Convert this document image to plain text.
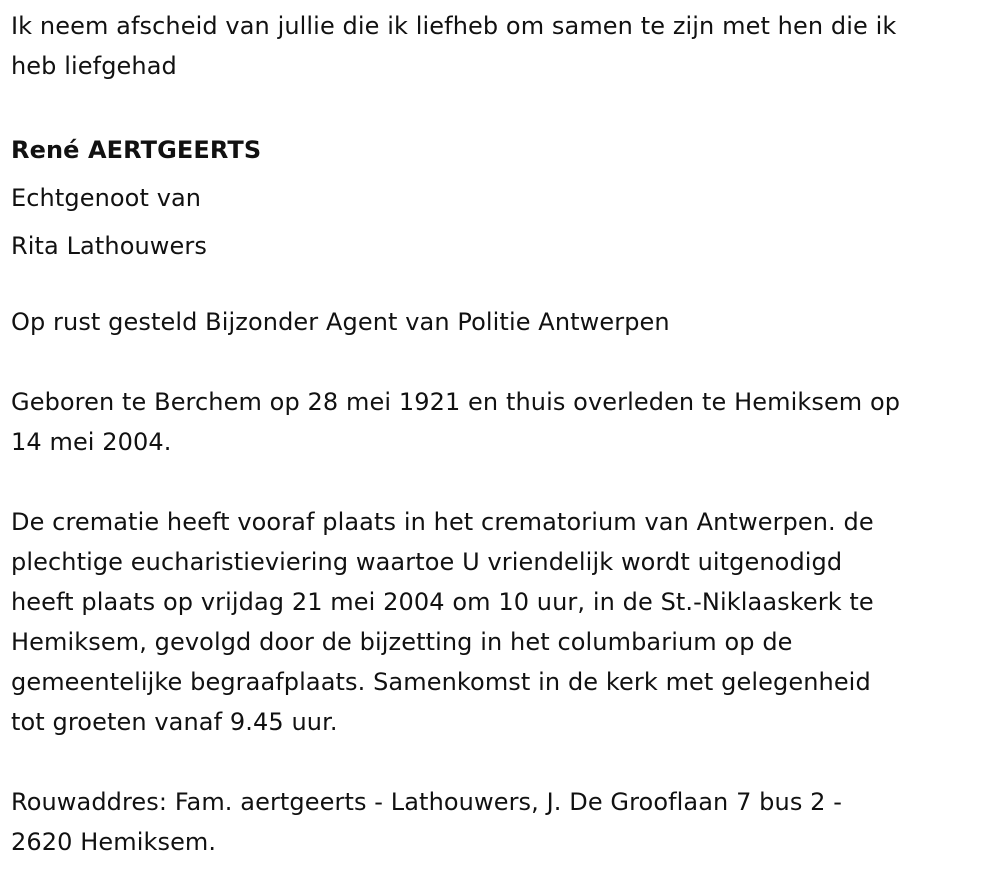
Ik neem afscheid van jullie die ik liefheb om samen te zijn met hen die ik

heb liefgehad

René AERTGEERTS

Echtgenoot van

Rita Lathouwers

Op rust gesteld Bijzonder Agent van Politie Antwerpen

Geboren te Berchem op 28 mei 1921 en thuis overleden te Hemiksem op

14 mei 2004.

De crematie heeft vooraf plaats in het crematorium van Antwerpen. de

plechtige eucharistieviering waartoe U vriendelijk wordt uitgenodigd

heeft plaats op vrijdag 21 mei 2004 om 10 uur, in de St.-Niklaaskerk te

Hemiksem, gevolgd door de bijzetting in het columbarium op de

gemeentelijke begraafplaats. Samenkomst in de kerk met gelegenheid

tot groeten vanaf 9.45 uur.

Rouwaddres: Fam. aertgeerts - Lathouwers, J. De Grooflaan 7 bus 2 -

2620 Hemiksem.
